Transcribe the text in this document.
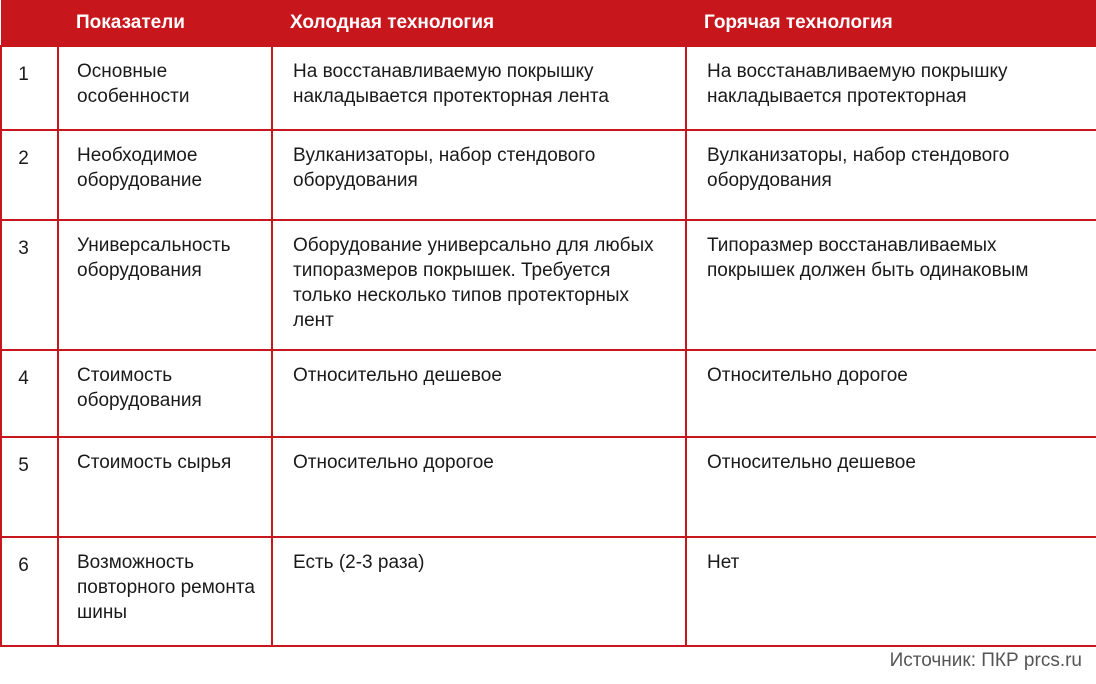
	Показатели	Холодная технология	Горячая технология
1	Основные особенности	На восстанавливаемую покрышку накладывается протекторная лента	На восстанавливаемую покрышку накладывается протекторная
2	Необходимое оборудование	Вулканизаторы, набор стендового оборудования	Вулканизаторы, набор стендового оборудования
3	Универсальность оборудования	Оборудование универсально для любых типоразмеров покрышек. Требуется только несколько типов протекторных лент	Типоразмер восстанавливаемых покрышек должен быть одинаковым
4	Стоимость оборудования	Относительно дешевое	Относительно дорогое
5	Стоимость сырья	Относительно дорогое	Относительно дешевое
6	Возможность повторного ремонта шины	Есть (2-3 раза)	Нет
Источник: ПКР prcs.ru
